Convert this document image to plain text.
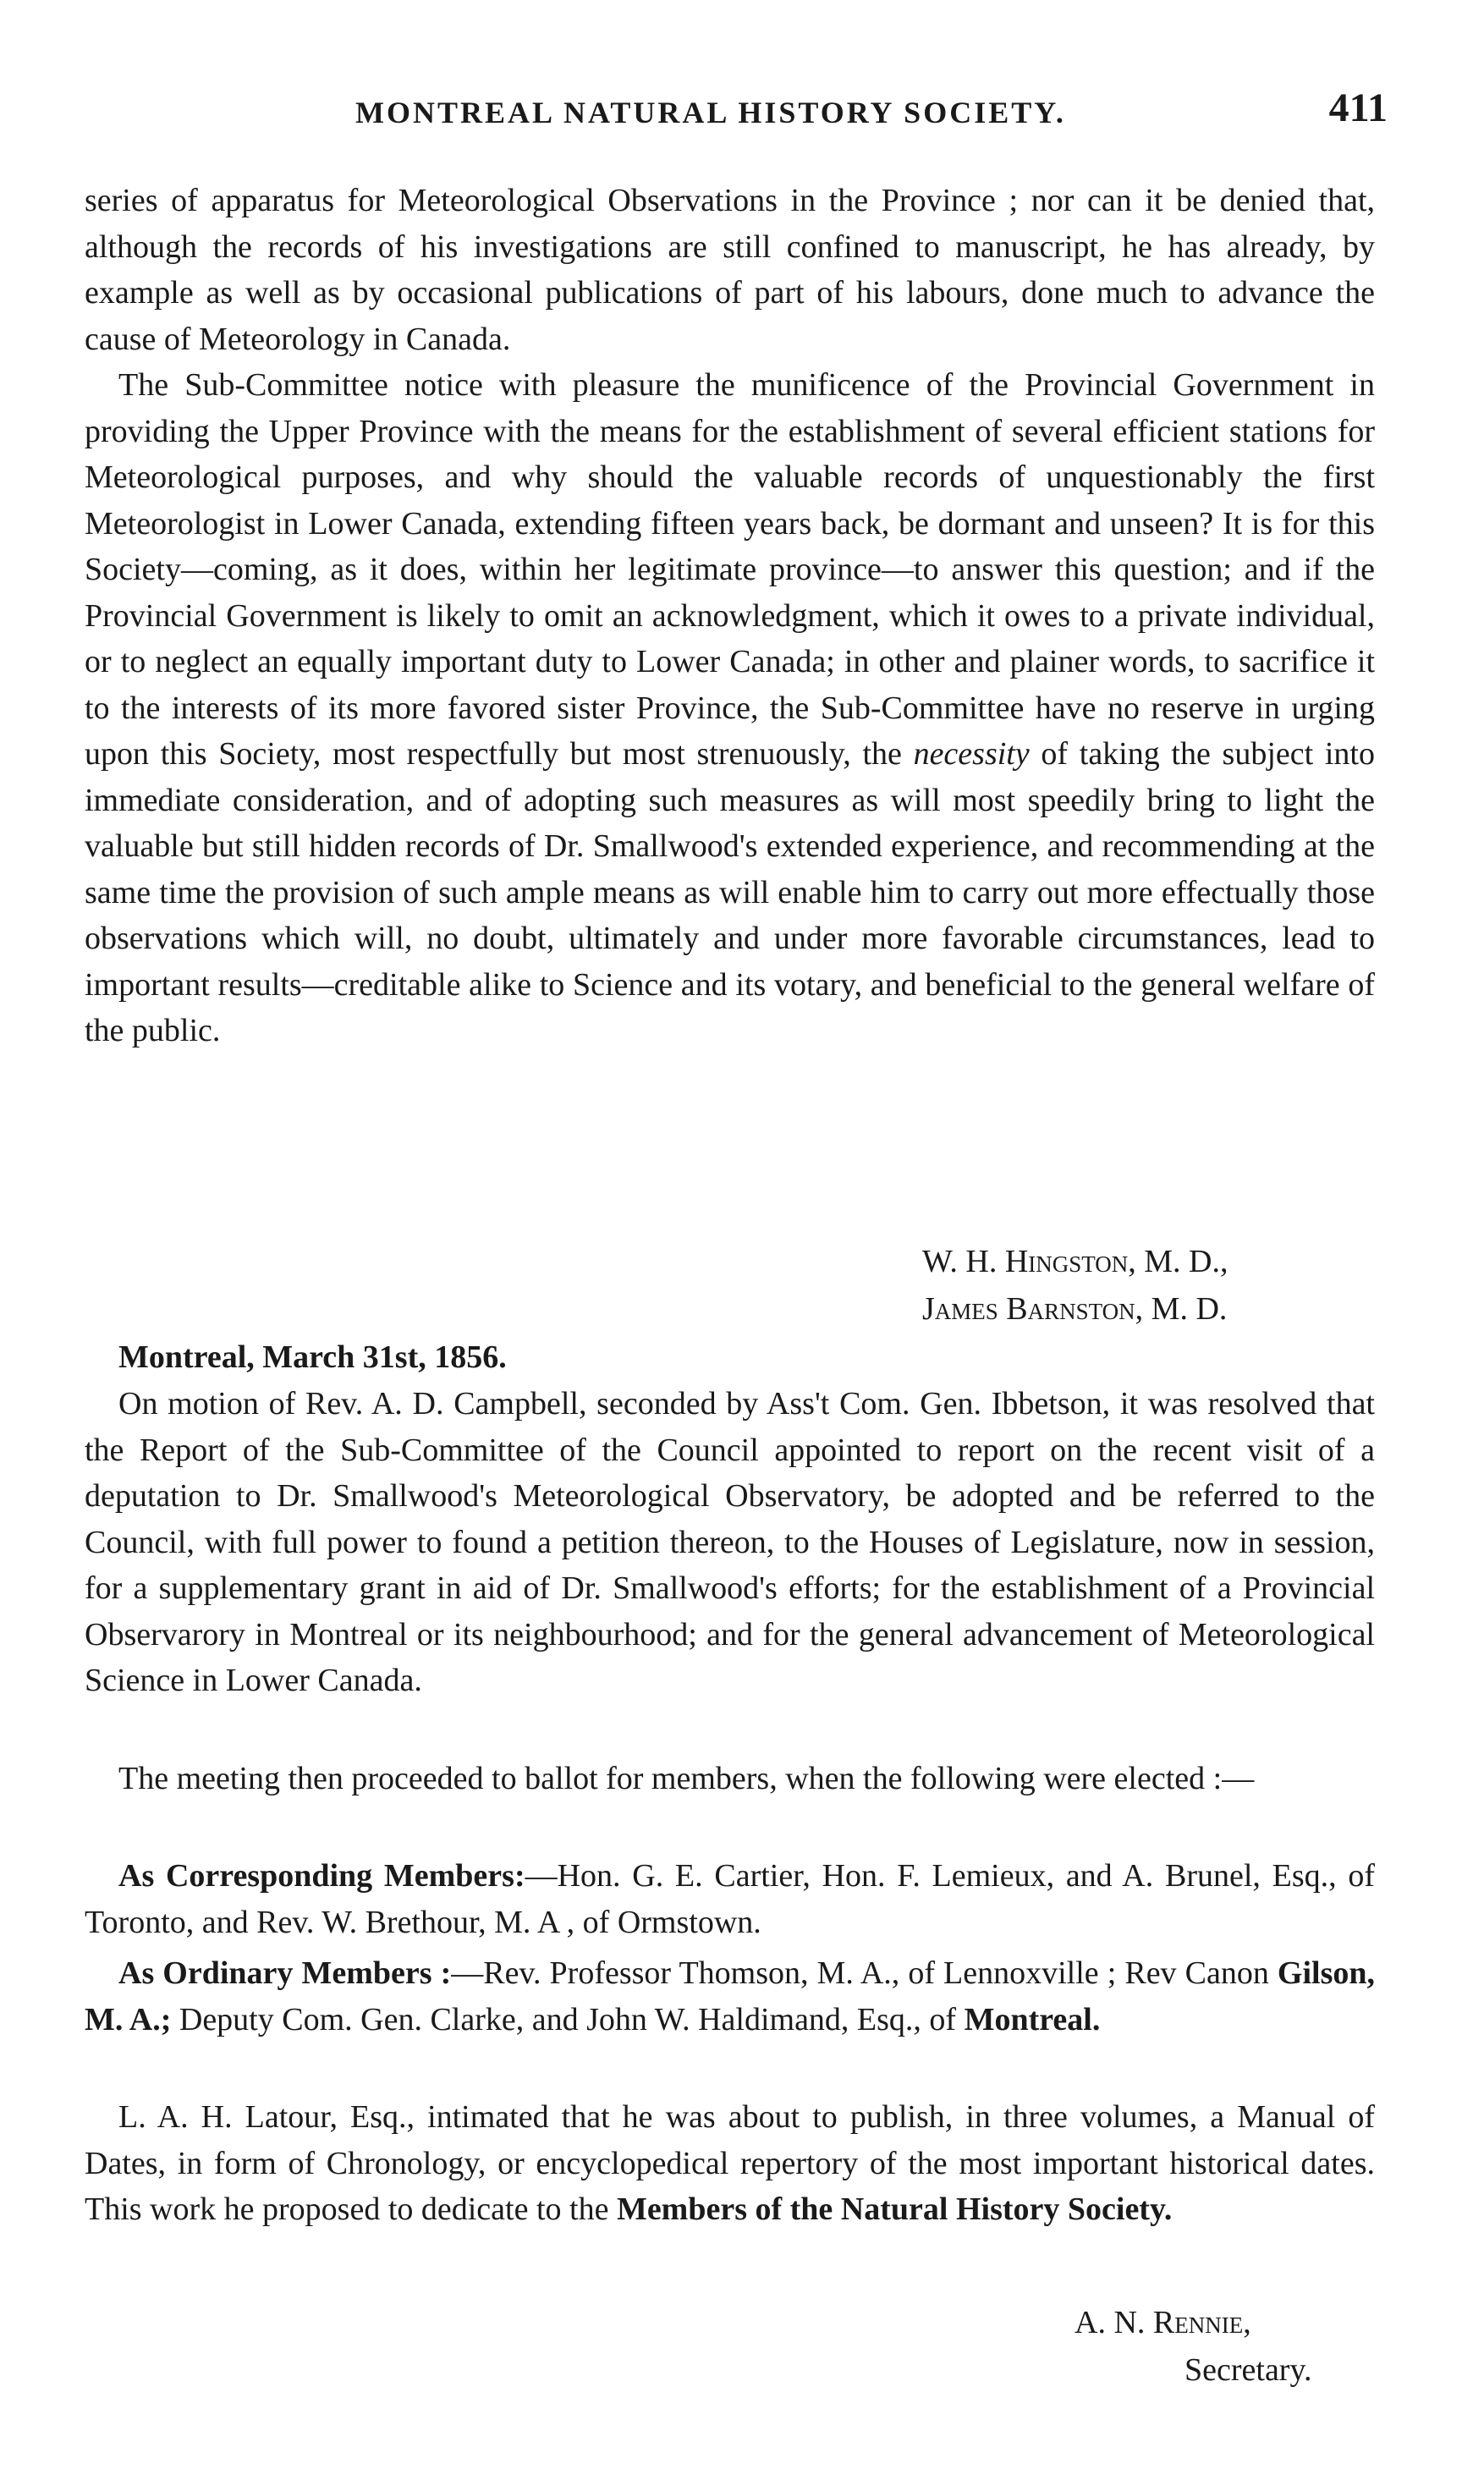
MONTREAL NATURAL HISTORY SOCIETY.	411

series of apparatus for Meteorological Observations in the Province ; nor can it be denied that, although the records of his investigations are still confined to manuscript, he has already, by example as well as by occasional publications of part of his labours, done much to advance the cause of Meteorology in Canada.

The Sub-Committee notice with pleasure the munificence of the Provincial Government in providing the Upper Province with the means for the establishment of several efficient stations for Meteorological purposes, and why should the valuable records of unquestionably the first Meteorologist in Lower Canada, extending fifteen years back, be dormant and unseen? It is for this Society—coming, as it does, within her legitimate province—to answer this question; and if the Provincial Government is likely to omit an acknowledgment, which it owes to a private individual, or to neglect an equally important duty to Lower Canada; in other and plainer words, to sacrifice it to the interests of its more favored sister Province, the Sub-Committee have no reserve in urging upon this Society, most respectfully but most strenuously, the necessity of taking the subject into immediate consideration, and of adopting such measures as will most speedily bring to light the valuable but still hidden records of Dr. Smallwood's extended experience, and recommending at the same time the provision of such ample means as will enable him to carry out more effectually those observations which will, no doubt, ultimately and under more favorable circumstances, lead to important results—creditable alike to Science and its votary, and beneficial to the general welfare of the public.

W. H. Hingston, M. D.,

James Barnston, M. D.

Montreal, March 31st, 1856.

On motion of Rev. A. D. Campbell, seconded by Ass't Com. Gen. Ibbetson, it was resolved that the Report of the Sub-Committee of the Council appointed to report on the recent visit of a deputation to Dr. Smallwood's Meteorological Observatory, be adopted and be referred to the Council, with full power to found a petition thereon, to the Houses of Legislature, now in session, for a supplementary grant in aid of Dr. Smallwood's efforts; for the establishment of a Provincial Observarory in Montreal or its neighbourhood; and for the general advancement of Meteorological Science in Lower Canada.

The meeting then proceeded to ballot for members, when the following were elected :—

As Corresponding Members:—Hon. G. E. Cartier, Hon. F. Lemieux, and A. Brunel, Esq., of Toronto, and Rev. W. Brethour, M. A , of Ormstown.

As Ordinary Members :—Rev. Professor Thomson, M. A., of Lennoxville ; Rev Canon Gilson, M. A.; Deputy Com. Gen. Clarke, and John W. Haldimand, Esq., of Montreal.

L. A. H. Latour, Esq., intimated that he was about to publish, in three volumes, a Manual of Dates, in form of Chronology, or encyclopedical repertory of the most important historical dates. This work he proposed to dedicate to the Members of the Natural History Society.

A. N. Rennie,

Secretary.
